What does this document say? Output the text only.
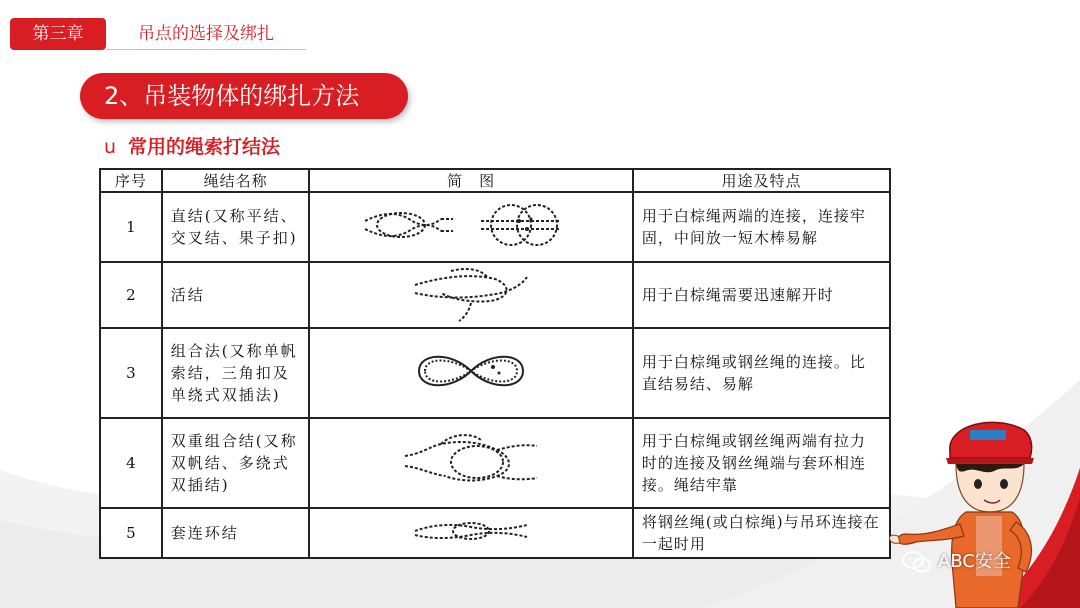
第三章	吊点的选择及绑扎
2、吊装物体的绑扎方法
u 常用的绳索打结法
序号	绳结名称	简　图	用途及特点
1	直结(又称平结、交叉结、果子扣)		用于白棕绳两端的连接，连接牢固，中间放一短木棒易解
2	活结		用于白棕绳需要迅速解开时
3	组合法(又称单帆索结，三角扣及单绕式双插法)		用于白棕绳或钢丝绳的连接。比直结易结、易解
4	双重组合结(又称双帆结、多绕式双插结)		用于白棕绳或钢丝绳两端有拉力时的连接及钢丝绳端与套环相连接。绳结牢靠
5	套连环结		将钢丝绳(或白棕绳)与吊环连接在一起时用
ABC安全
